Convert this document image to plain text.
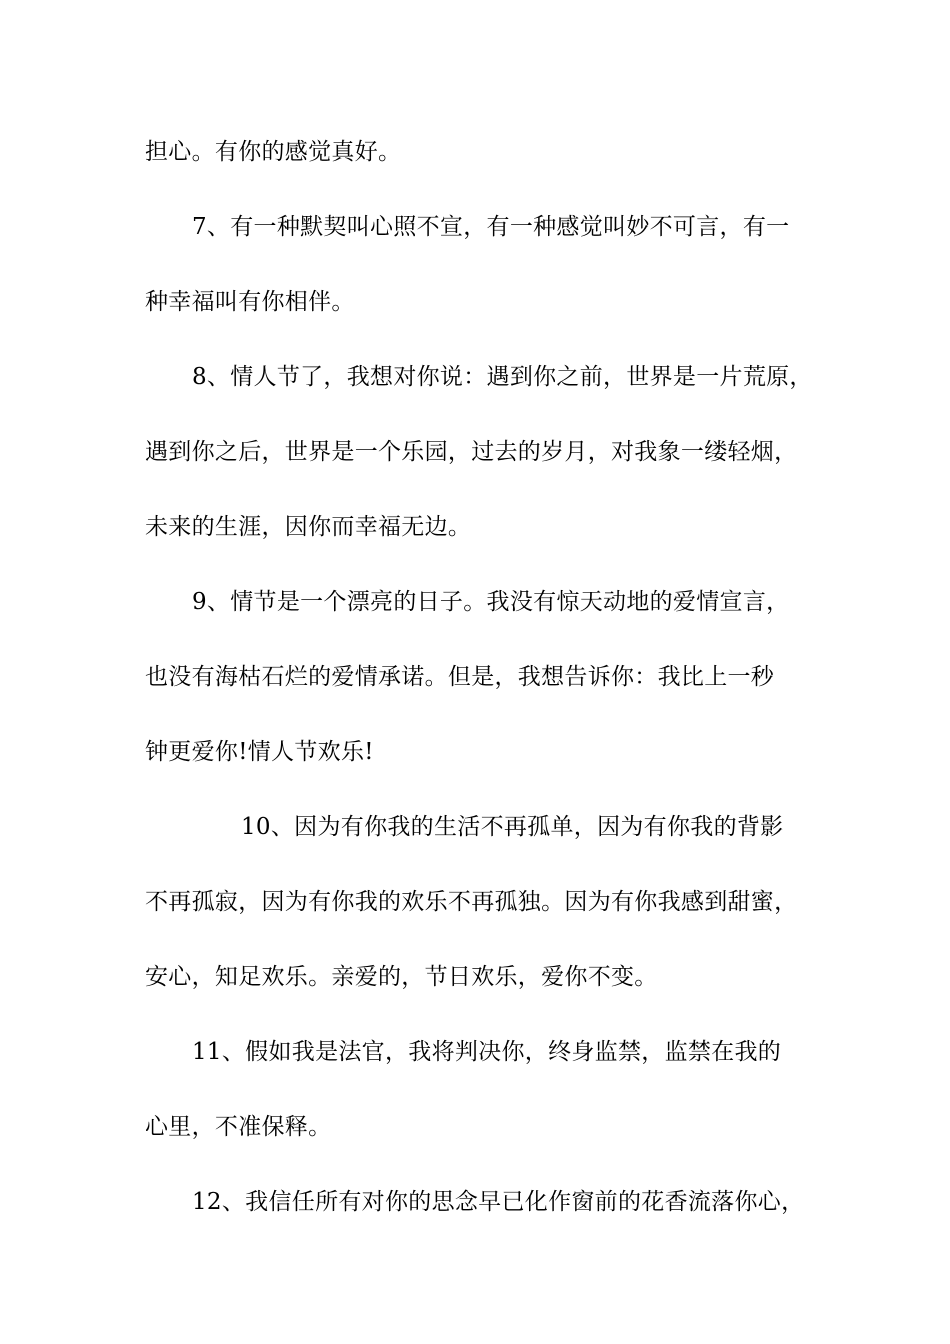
担心。有你的感觉真好。
7、有一种默契叫心照不宣，有一种感觉叫妙不可言，有一
种幸福叫有你相伴。
8、情人节了，我想对你说：遇到你之前，世界是一片荒原，
遇到你之后，世界是一个乐园，过去的岁月，对我象一缕轻烟，
未来的生涯，因你而幸福无边。
9、情节是一个漂亮的日子。我没有惊天动地的爱情宣言，
也没有海枯石烂的爱情承诺。但是，我想告诉你：我比上一秒
钟更爱你!情人节欢乐!
10、因为有你我的生活不再孤单，因为有你我的背影
不再孤寂，因为有你我的欢乐不再孤独。因为有你我感到甜蜜，
安心，知足欢乐。亲爱的，节日欢乐，爱你不变。
11、假如我是法官，我将判决你，终身监禁，监禁在我的
心里，不准保释。
12、我信任所有对你的思念早已化作窗前的花香流落你心，
